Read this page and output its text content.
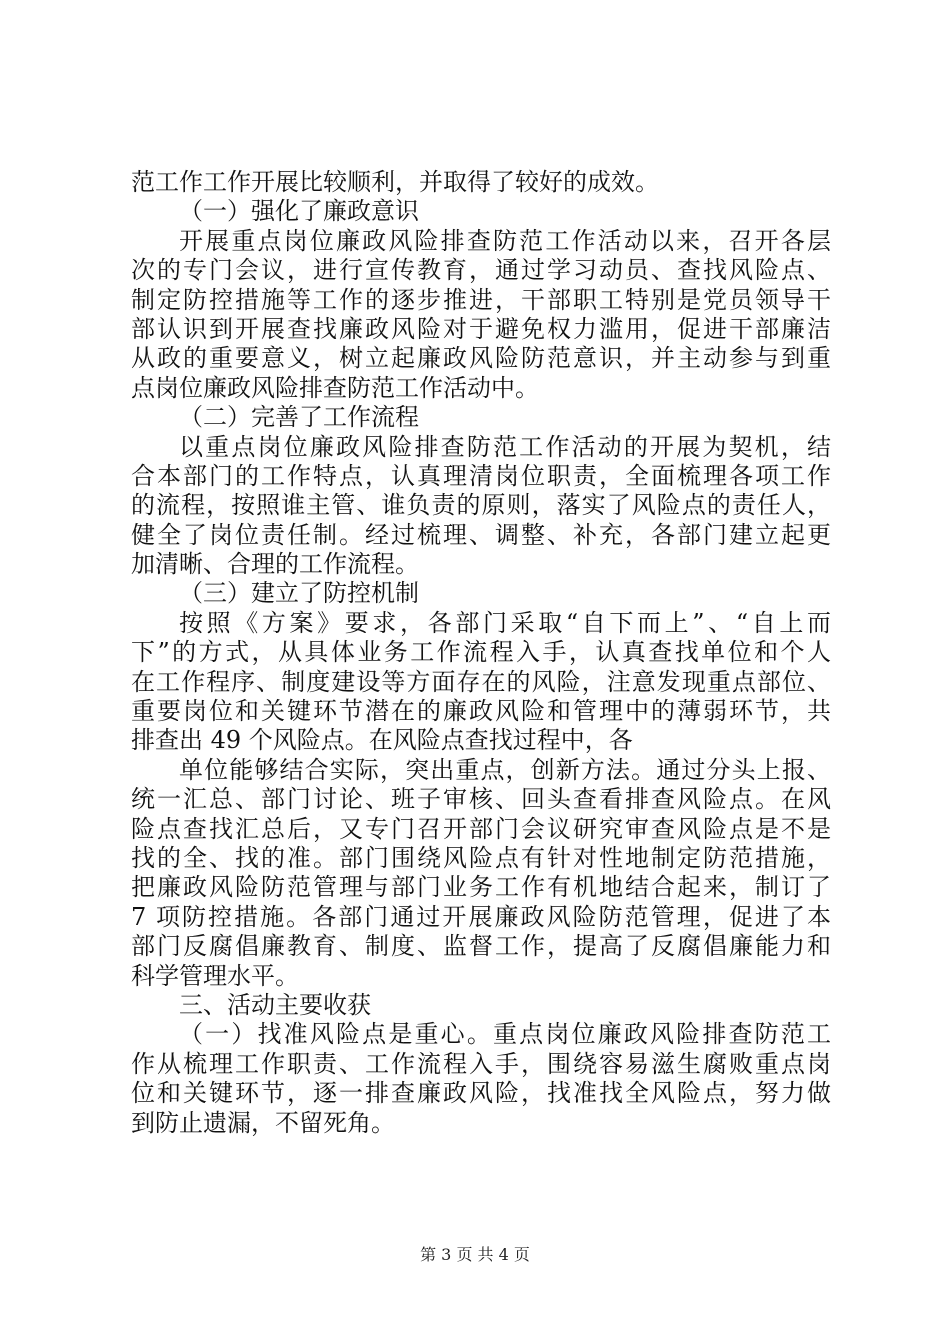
范工作工作开展比较顺利，并取得了较好的成效。
（一）强化了廉政意识
开展重点岗位廉政风险排查防范工作活动以来，召开各层
次的专门会议，进行宣传教育，通过学习动员、查找风险点、
制定防控措施等工作的逐步推进，干部职工特别是党员领导干
部认识到开展查找廉政风险对于避免权力滥用，促进干部廉洁
从政的重要意义，树立起廉政风险防范意识，并主动参与到重
点岗位廉政风险排查防范工作活动中。
（二）完善了工作流程
以重点岗位廉政风险排查防范工作活动的开展为契机，结
合本部门的工作特点，认真理清岗位职责，全面梳理各项工作
的流程，按照谁主管、谁负责的原则，落实了风险点的责任人，
健全了岗位责任制。经过梳理、调整、补充，各部门建立起更
加清晰、合理的工作流程。
（三）建立了防控机制
按照《方案》要求，各部门采取“自下而上”、“自上而
下”的方式，从具体业务工作流程入手，认真查找单位和个人
在工作程序、制度建设等方面存在的风险，注意发现重点部位、
重要岗位和关键环节潜在的廉政风险和管理中的薄弱环节，共
排查出 49 个风险点。在风险点查找过程中，各
单位能够结合实际，突出重点，创新方法。通过分头上报、
统一汇总、部门讨论、班子审核、回头查看排查风险点。在风
险点查找汇总后，又专门召开部门会议研究审查风险点是不是
找的全、找的准。部门围绕风险点有针对性地制定防范措施，
把廉政风险防范管理与部门业务工作有机地结合起来，制订了
7 项防控措施。各部门通过开展廉政风险防范管理，促进了本
部门反腐倡廉教育、制度、监督工作，提高了反腐倡廉能力和
科学管理水平。
三、活动主要收获
（一）找准风险点是重心。重点岗位廉政风险排查防范工
作从梳理工作职责、工作流程入手，围绕容易滋生腐败重点岗
位和关键环节，逐一排查廉政风险，找准找全风险点，努力做
到防止遗漏，不留死角。
第 3 页 共 4 页
